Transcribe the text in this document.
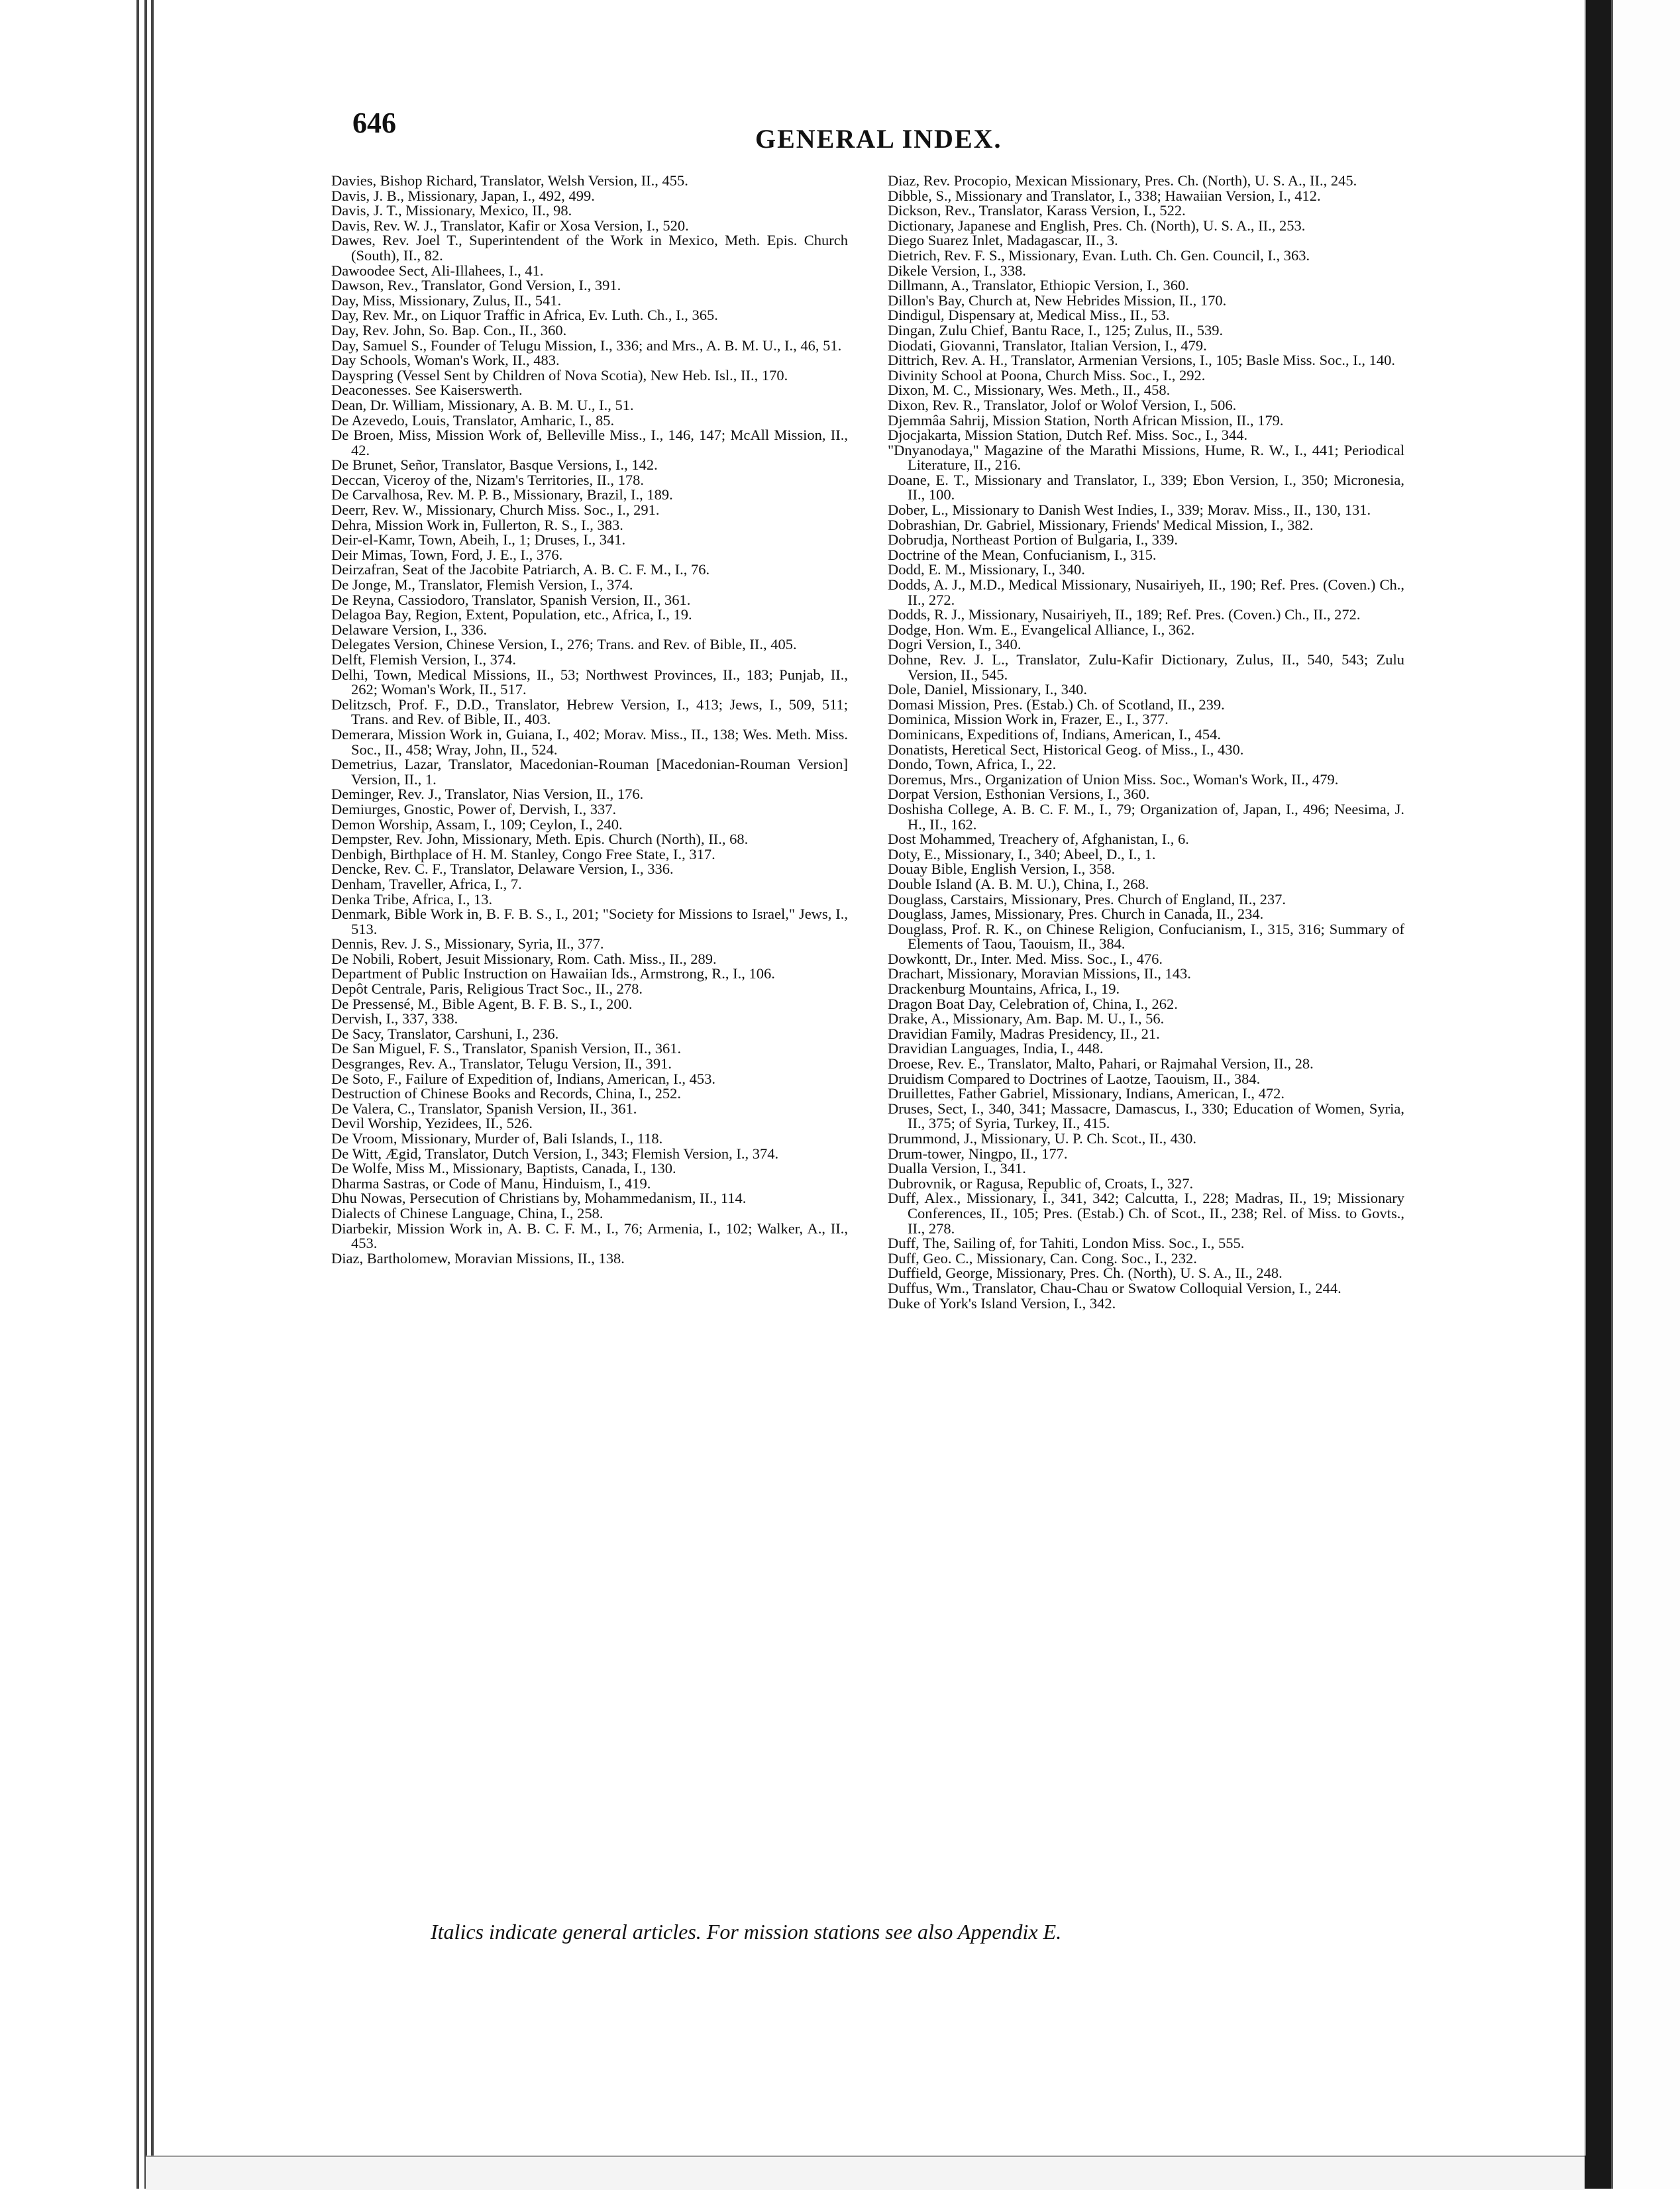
646	GENERAL INDEX.
Davies, Bishop Richard, Translator, Welsh Version, II., 455.
Davis, J. B., Missionary, Japan, I., 492, 499.
Davis, J. T., Missionary, Mexico, II., 98.
Davis, Rev. W. J., Translator, Kafir or Xosa Version, I., 520.
Dawes, Rev. Joel T., Superintendent of the Work in Mexico, Meth. Epis. Church (South), II., 82.
Dawoodee Sect, Ali-Illahees, I., 41.
Dawson, Rev., Translator, Gond Version, I., 391.
Day, Miss, Missionary, Zulus, II., 541.
Day, Rev. Mr., on Liquor Traffic in Africa, Ev. Luth. Ch., I., 365.
Day, Rev. John, So. Bap. Con., II., 360.
Day, Samuel S., Founder of Telugu Mission, I., 336; and Mrs., A. B. M. U., I., 46, 51.
Day Schools, Woman's Work, II., 483.
Dayspring (Vessel Sent by Children of Nova Scotia), New Heb. Isl., II., 170.
Deaconesses. See Kaiserswerth.
Dean, Dr. William, Missionary, A. B. M. U., I., 51.
De Azevedo, Louis, Translator, Amharic, I., 85.
De Broen, Miss, Mission Work of, Belleville Miss., I., 146, 147; McAll Mission, II., 42.
De Brunet, Señor, Translator, Basque Versions, I., 142.
Deccan, Viceroy of the, Nizam's Territories, II., 178.
De Carvalhosa, Rev. M. P. B., Missionary, Brazil, I., 189.
Deerr, Rev. W., Missionary, Church Miss. Soc., I., 291.
Dehra, Mission Work in, Fullerton, R. S., I., 383.
Deir-el-Kamr, Town, Abeih, I., 1; Druses, I., 341.
Deir Mimas, Town, Ford, J. E., I., 376.
Deirzafran, Seat of the Jacobite Patriarch, A. B. C. F. M., I., 76.
De Jonge, M., Translator, Flemish Version, I., 374.
De Reyna, Cassiodoro, Translator, Spanish Version, II., 361.
Delagoa Bay, Region, Extent, Population, etc., Africa, I., 19.
Delaware Version, I., 336.
Delegates Version, Chinese Version, I., 276; Trans. and Rev. of Bible, II., 405.
Delft, Flemish Version, I., 374.
Delhi, Town, Medical Missions, II., 53; Northwest Provinces, II., 183; Punjab, II., 262; Woman's Work, II., 517.
Delitzsch, Prof. F., D.D., Translator, Hebrew Version, I., 413; Jews, I., 509, 511; Trans. and Rev. of Bible, II., 403.
Demerara, Mission Work in, Guiana, I., 402; Morav. Miss., II., 138; Wes. Meth. Miss. Soc., II., 458; Wray, John, II., 524.
Demetrius, Lazar, Translator, Macedonian-Rouman [Macedonian-Rouman Version] Version, II., 1.
Deminger, Rev. J., Translator, Nias Version, II., 176.
Demiurges, Gnostic, Power of, Dervish, I., 337.
Demon Worship, Assam, I., 109; Ceylon, I., 240.
Dempster, Rev. John, Missionary, Meth. Epis. Church (North), II., 68.
Denbigh, Birthplace of H. M. Stanley, Congo Free State, I., 317.
Dencke, Rev. C. F., Translator, Delaware Version, I., 336.
Denham, Traveller, Africa, I., 7.
Denka Tribe, Africa, I., 13.
Denmark, Bible Work in, B. F. B. S., I., 201; "Society for Missions to Israel," Jews, I., 513.
Dennis, Rev. J. S., Missionary, Syria, II., 377.
De Nobili, Robert, Jesuit Missionary, Rom. Cath. Miss., II., 289.
Department of Public Instruction on Hawaiian Ids., Armstrong, R., I., 106.
Depôt Centrale, Paris, Religious Tract Soc., II., 278.
De Pressensé, M., Bible Agent, B. F. B. S., I., 200.
Dervish, I., 337, 338.
De Sacy, Translator, Carshuni, I., 236.
De San Miguel, F. S., Translator, Spanish Version, II., 361.
Desgranges, Rev. A., Translator, Telugu Version, II., 391.
De Soto, F., Failure of Expedition of, Indians, American, I., 453.
Destruction of Chinese Books and Records, China, I., 252.
De Valera, C., Translator, Spanish Version, II., 361.
Devil Worship, Yezidees, II., 526.
De Vroom, Missionary, Murder of, Bali Islands, I., 118.
De Witt, Ægid, Translator, Dutch Version, I., 343; Flemish Version, I., 374.
De Wolfe, Miss M., Missionary, Baptists, Canada, I., 130.
Dharma Sastras, or Code of Manu, Hinduism, I., 419.
Dhu Nowas, Persecution of Christians by, Mohammedanism, II., 114.
Dialects of Chinese Language, China, I., 258.
Diarbekir, Mission Work in, A. B. C. F. M., I., 76; Armenia, I., 102; Walker, A., II., 453.
Diaz, Bartholomew, Moravian Missions, II., 138.
Diaz, Rev. Procopio, Mexican Missionary, Pres. Ch. (North), U. S. A., II., 245.
Dibble, S., Missionary and Translator, I., 338; Hawaiian Version, I., 412.
Dickson, Rev., Translator, Karass Version, I., 522.
Dictionary, Japanese and English, Pres. Ch. (North), U. S. A., II., 253.
Diego Suarez Inlet, Madagascar, II., 3.
Dietrich, Rev. F. S., Missionary, Evan. Luth. Ch. Gen. Council, I., 363.
Dikele Version, I., 338.
Dillmann, A., Translator, Ethiopic Version, I., 360.
Dillon's Bay, Church at, New Hebrides Mission, II., 170.
Dindigul, Dispensary at, Medical Miss., II., 53.
Dingan, Zulu Chief, Bantu Race, I., 125; Zulus, II., 539.
Diodati, Giovanni, Translator, Italian Version, I., 479.
Dittrich, Rev. A. H., Translator, Armenian Versions, I., 105; Basle Miss. Soc., I., 140.
Divinity School at Poona, Church Miss. Soc., I., 292.
Dixon, M. C., Missionary, Wes. Meth., II., 458.
Dixon, Rev. R., Translator, Jolof or Wolof Version, I., 506.
Djemmâa Sahrij, Mission Station, North African Mission, II., 179.
Djocjakarta, Mission Station, Dutch Ref. Miss. Soc., I., 344.
"Dnyanodaya," Magazine of the Marathi Missions, Hume, R. W., I., 441; Periodical Literature, II., 216.
Doane, E. T., Missionary and Translator, I., 339; Ebon Version, I., 350; Micronesia, II., 100.
Dober, L., Missionary to Danish West Indies, I., 339; Morav. Miss., II., 130, 131.
Dobrashian, Dr. Gabriel, Missionary, Friends' Medical Mission, I., 382.
Dobrudja, Northeast Portion of Bulgaria, I., 339.
Doctrine of the Mean, Confucianism, I., 315.
Dodd, E. M., Missionary, I., 340.
Dodds, A. J., M.D., Medical Missionary, Nusairiyeh, II., 190; Ref. Pres. (Coven.) Ch., II., 272.
Dodds, R. J., Missionary, Nusairiyeh, II., 189; Ref. Pres. (Coven.) Ch., II., 272.
Dodge, Hon. Wm. E., Evangelical Alliance, I., 362.
Dogri Version, I., 340.
Dohne, Rev. J. L., Translator, Zulu-Kafir Dictionary, Zulus, II., 540, 543; Zulu Version, II., 545.
Dole, Daniel, Missionary, I., 340.
Domasi Mission, Pres. (Estab.) Ch. of Scotland, II., 239.
Dominica, Mission Work in, Frazer, E., I., 377.
Dominicans, Expeditions of, Indians, American, I., 454.
Donatists, Heretical Sect, Historical Geog. of Miss., I., 430.
Dondo, Town, Africa, I., 22.
Doremus, Mrs., Organization of Union Miss. Soc., Woman's Work, II., 479.
Dorpat Version, Esthonian Versions, I., 360.
Doshisha College, A. B. C. F. M., I., 79; Organization of, Japan, I., 496; Neesima, J. H., II., 162.
Dost Mohammed, Treachery of, Afghanistan, I., 6.
Doty, E., Missionary, I., 340; Abeel, D., I., 1.
Douay Bible, English Version, I., 358.
Double Island (A. B. M. U.), China, I., 268.
Douglass, Carstairs, Missionary, Pres. Church of England, II., 237.
Douglass, James, Missionary, Pres. Church in Canada, II., 234.
Douglass, Prof. R. K., on Chinese Religion, Confucianism, I., 315, 316; Summary of Elements of Taou, Taouism, II., 384.
Dowkontt, Dr., Inter. Med. Miss. Soc., I., 476.
Drachart, Missionary, Moravian Missions, II., 143.
Drackenburg Mountains, Africa, I., 19.
Dragon Boat Day, Celebration of, China, I., 262.
Drake, A., Missionary, Am. Bap. M. U., I., 56.
Dravidian Family, Madras Presidency, II., 21.
Dravidian Languages, India, I., 448.
Droese, Rev. E., Translator, Malto, Pahari, or Rajmahal Version, II., 28.
Druidism Compared to Doctrines of Laotze, Taouism, II., 384.
Druillettes, Father Gabriel, Missionary, Indians, American, I., 472.
Druses, Sect, I., 340, 341; Massacre, Damascus, I., 330; Education of Women, Syria, II., 375; of Syria, Turkey, II., 415.
Drummond, J., Missionary, U. P. Ch. Scot., II., 430.
Drum-tower, Ningpo, II., 177.
Dualla Version, I., 341.
Dubrovnik, or Ragusa, Republic of, Croats, I., 327.
Duff, Alex., Missionary, I., 341, 342; Calcutta, I., 228; Madras, II., 19; Missionary Conferences, II., 105; Pres. (Estab.) Ch. of Scot., II., 238; Rel. of Miss. to Govts., II., 278.
Duff, The, Sailing of, for Tahiti, London Miss. Soc., I., 555.
Duff, Geo. C., Missionary, Can. Cong. Soc., I., 232.
Duffield, George, Missionary, Pres. Ch. (North), U. S. A., II., 248.
Duffus, Wm., Translator, Chau-Chau or Swatow Colloquial Version, I., 244.
Duke of York's Island Version, I., 342.
Italics indicate general articles. For mission stations see also Appendix E.
